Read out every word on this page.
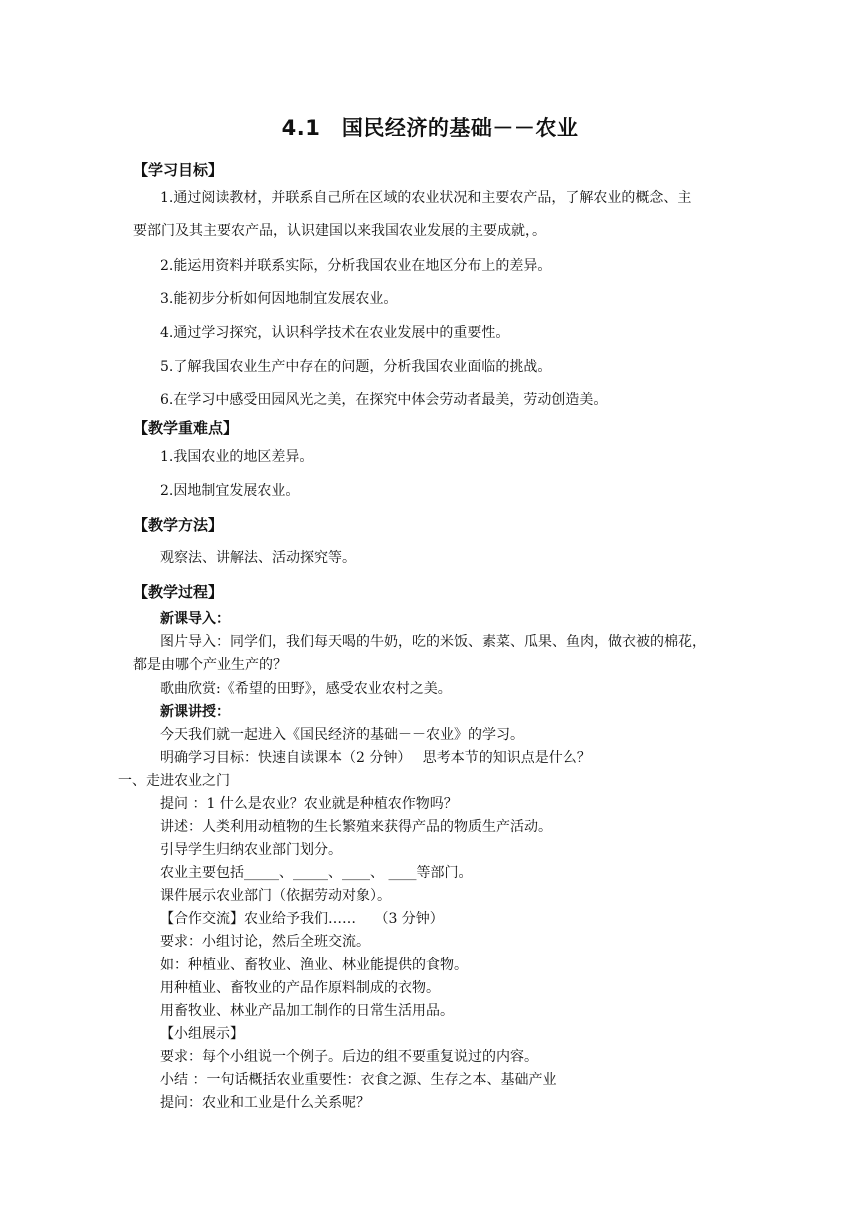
4.1　国民经济的基础－－农业
【学习目标】
1.通过阅读教材，并联系自己所在区域的农业状况和主要农产品，了解农业的概念、主
要部门及其主要农产品，认识建国以来我国农业发展的主要成就，。
2.能运用资料并联系实际，分析我国农业在地区分布上的差异。
3.能初步分析如何因地制宜发展农业。
4.通过学习探究，认识科学技术在农业发展中的重要性。
5.了解我国农业生产中存在的问题，分析我国农业面临的挑战。
6.在学习中感受田园风光之美，在探究中体会劳动者最美，劳动创造美。
【教学重难点】
1.我国农业的地区差异。
2.因地制宜发展农业。
【教学方法】
观察法、讲解法、活动探究等。
【教学过程】
新课导入：
图片导入：同学们，我们每天喝的牛奶，吃的米饭、素菜、瓜果、鱼肉，做衣被的棉花，
都是由哪个产业生产的？
歌曲欣赏:《希望的田野》，感受农业农村之美。
新课讲授：
今天我们就一起进入《国民经济的基础－－农业》的学习。
明确学习目标：快速自读课本（2 分钟）　 思考本节的知识点是什么？
一、走进农业之门
提问 ：1 什么是农业？农业就是种植农作物吗？
讲述：人类利用动植物的生长繁殖来获得产品的物质生产活动。
引导学生归纳农业部门划分。
农业主要包括_____、_____、____、 ____等部门。
课件展示农业部门（依据劳动对象）。
【合作交流】农业给予我们……　 （3 分钟）
要求：小组讨论，然后全班交流。
如：种植业、畜牧业、渔业、林业能提供的食物。
用种植业、畜牧业的产品作原料制成的衣物。
用畜牧业、林业产品加工制作的日常生活用品。
【小组展示】
要求：每个小组说一个例子。后边的组不要重复说过的内容。
小结 ：一句话概括农业重要性：衣食之源、生存之本、基础产业
提问：农业和工业是什么关系呢？
